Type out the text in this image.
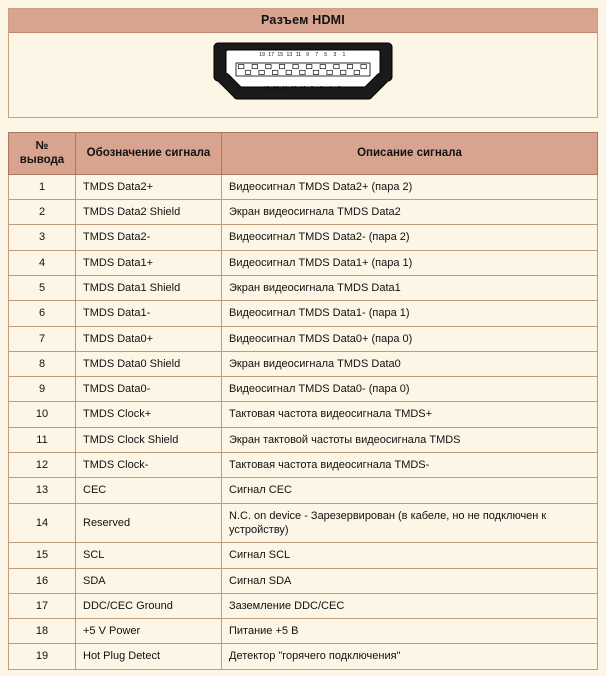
Разъем HDMI
19 17 15 13 11 9 7 5 3 1
18 16 14 12 10 8 6 4 2
№ вывода	Обозначение сигнала	Описание сигнала
1	TMDS Data2+	Видеосигнал TMDS Data2+ (пара 2)
2	TMDS Data2 Shield	Экран видеосигнала TMDS Data2
3	TMDS Data2-	Видеосигнал TMDS Data2- (пара 2)
4	TMDS Data1+	Видеосигнал TMDS Data1+ (пара 1)
5	TMDS Data1 Shield	Экран видеосигнала TMDS Data1
6	TMDS Data1-	Видеосигнал TMDS Data1- (пара 1)
7	TMDS Data0+	Видеосигнал TMDS Data0+ (пара 0)
8	TMDS Data0 Shield	Экран видеосигнала TMDS Data0
9	TMDS Data0-	Видеосигнал TMDS Data0- (пара 0)
10	TMDS Clock+	Тактовая частота видеосигнала TMDS+
11	TMDS Clock Shield	Экран тактовой частоты видеосигнала TMDS
12	TMDS Clock-	Тактовая частота видеосигнала TMDS-
13	CEC	Сигнал CEC
14	Reserved	N.C. on device - Зарезервирован (в кабеле, но не подключен к устройству)
15	SCL	Сигнал SCL
16	SDA	Сигнал SDA
17	DDC/CEC Ground	Заземление DDC/CEC
18	+5 V Power	Питание +5 В
19	Hot Plug Detect	Детектор "горячего подключения"
